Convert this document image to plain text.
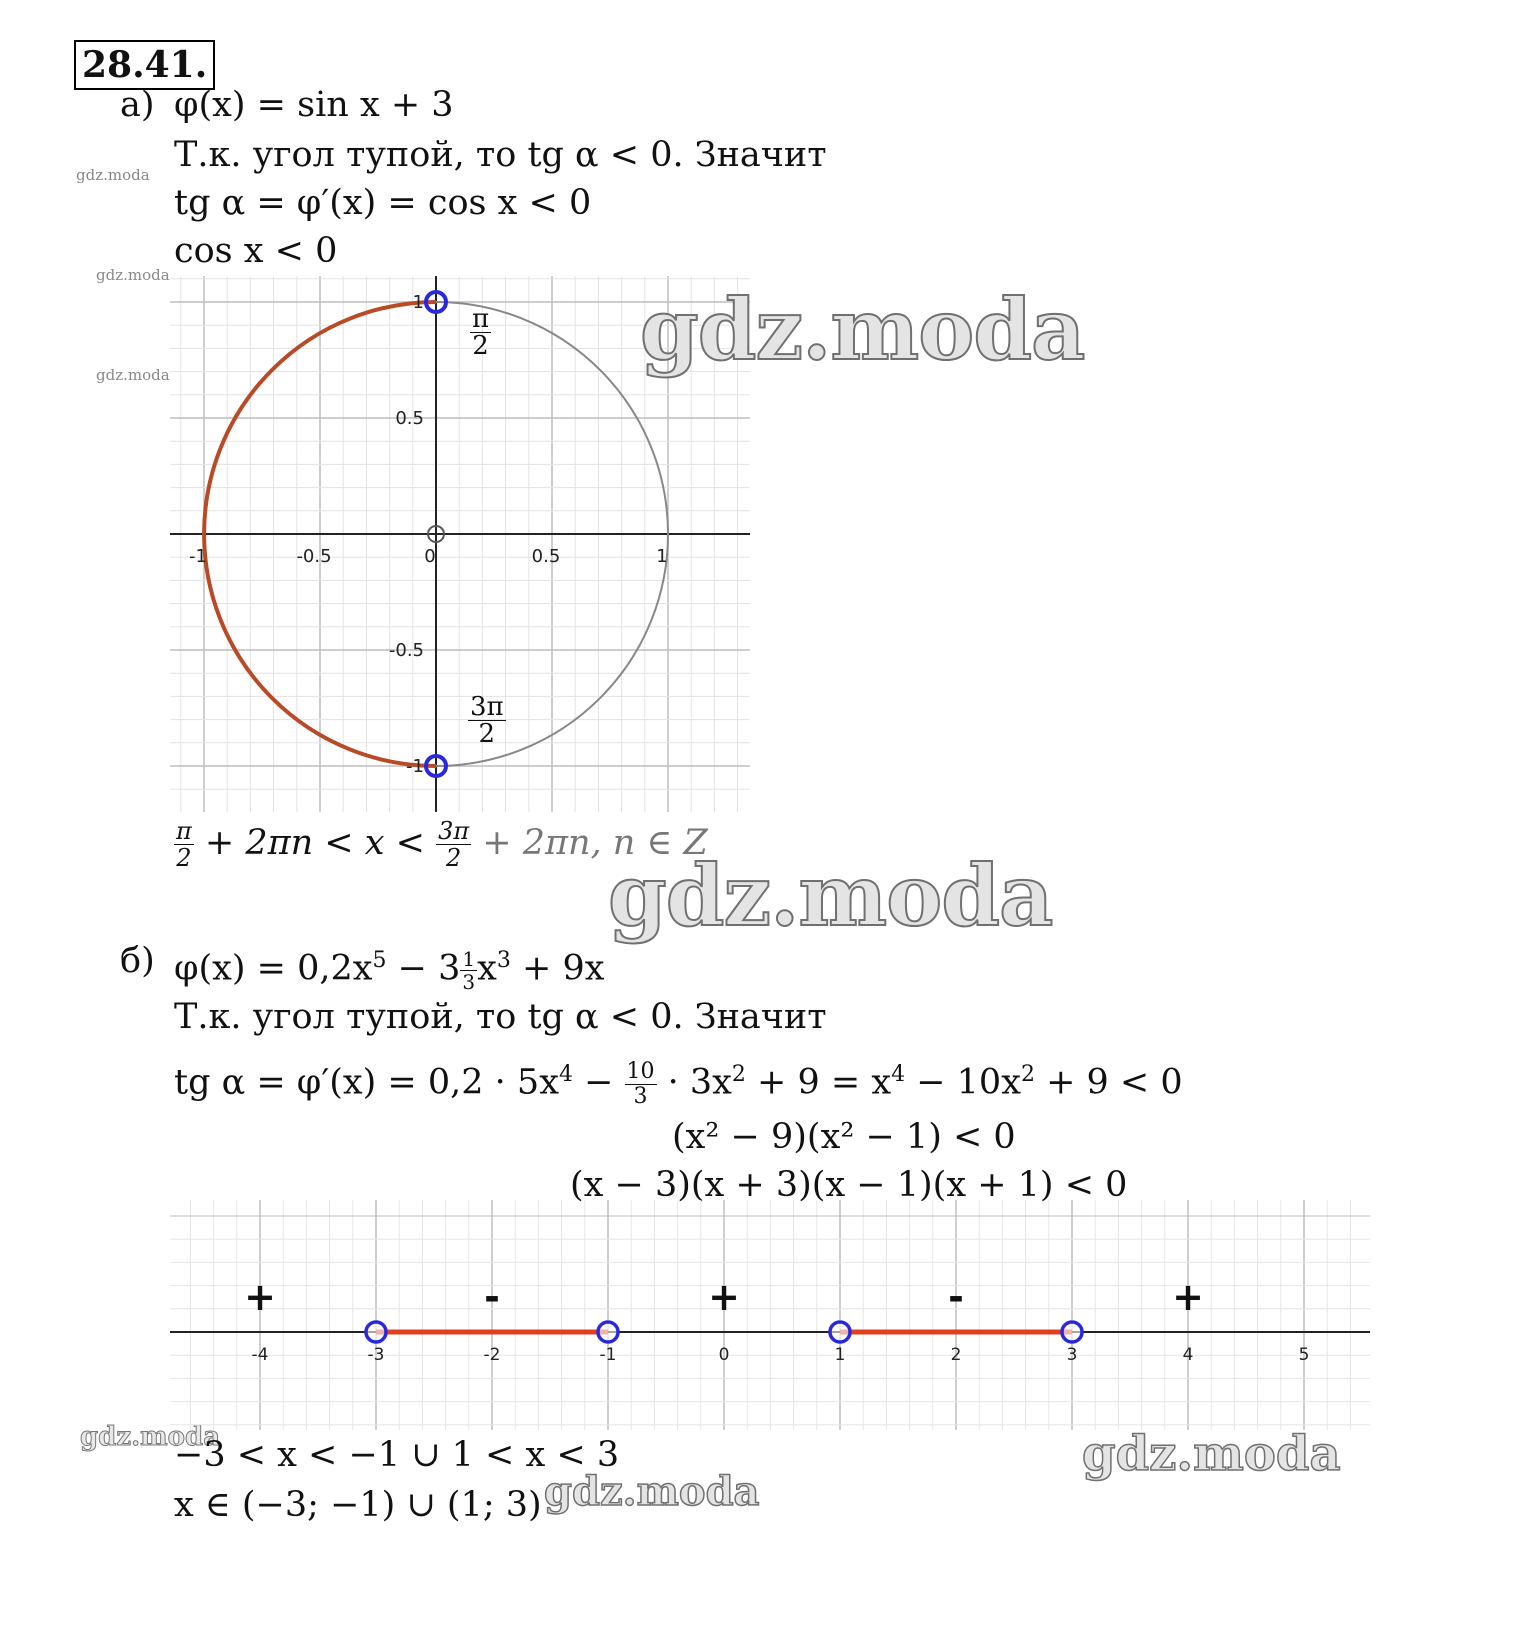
28.41.
а) φ(x) = sin x + 3
Т.к. угол тупой, то tg α < 0. Значит
tg α = φ′(x) = cos x < 0
cos x < 0
gdz.moda
gdz.moda
gdz.moda
-1	-0.5	0	0.5	1
1
0.5
-0.5
-1
$\frac{\pi}{2}$
$\frac{3\pi}{2}$
$\frac{\pi}{2} + 2\pi n < x < \frac{3\pi}{2} + 2\pi n$, n ∈ Z
gdz.moda
gdz.moda
gdz.moda
gdz.moda
gdz.moda
б) $\varphi(x) = 0,2x^5 - 3 \frac{1}{3} x^3 + 9x$
Т.к. угол тупой, то tg α < 0. Значит
tg $\alpha = \varphi'(x) = 0,2 \cdot 5x^4 - \frac{10}{3} \cdot 3x^2 + 9 = x^4 - 10x^2 + 9 < 0$
(x² − 9)(x² − 1) < 0
(x − 3)(x + 3)(x − 1)(x + 1) < 0
-4	-3	-2	-1	0	1	2	3	4	5
+	-	+	-	+
−3 < x < −1 ∪ 1 < x < 3
x ∈ (−3; −1) ∪ (1; 3)
